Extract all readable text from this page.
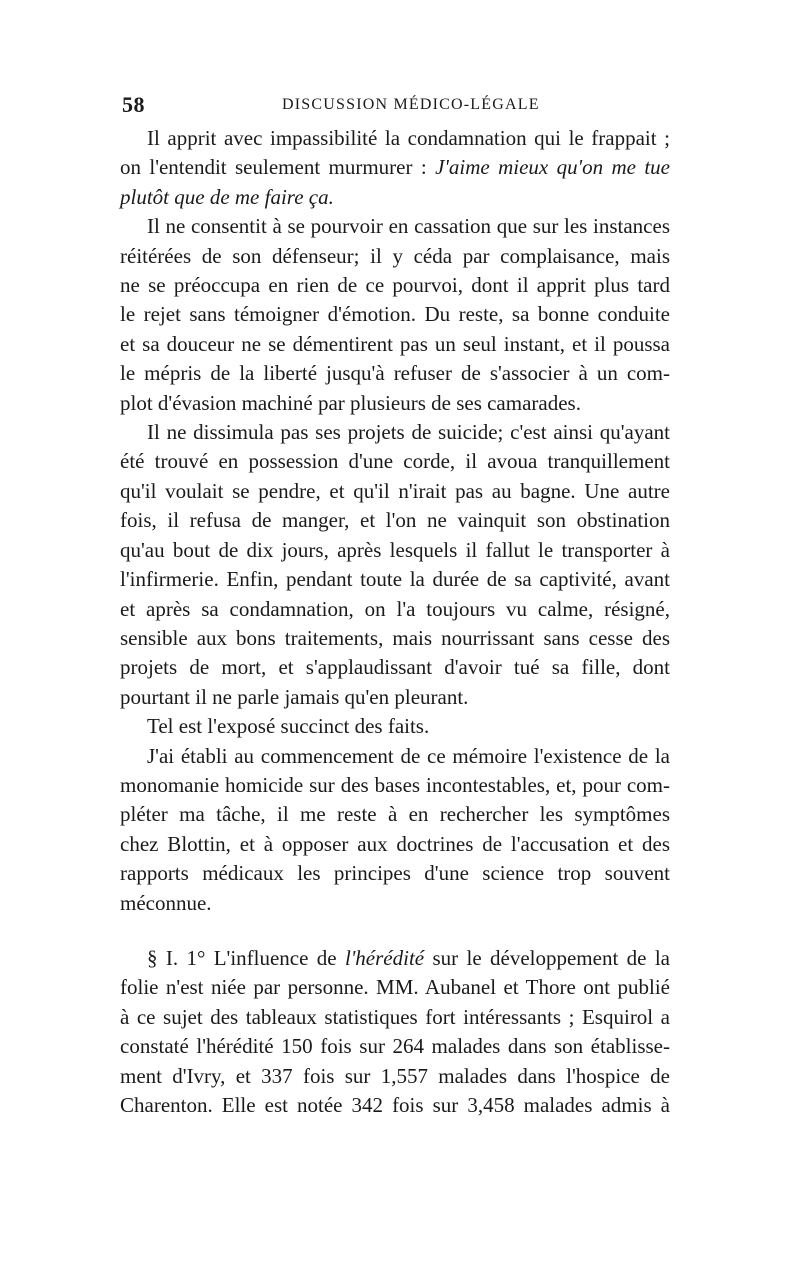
58	DISCUSSION MÉDICO-LÉGALE
Il apprit avec impassibilité la condamnation qui le frappait ;
on l'entendit seulement murmurer : J'aime mieux qu'on me tue
plutôt que de me faire ça.
Il ne consentit à se pourvoir en cassation que sur les instances
réitérées de son défenseur; il y céda par complaisance, mais
ne se préoccupa en rien de ce pourvoi, dont il apprit plus tard
le rejet sans témoigner d'émotion. Du reste, sa bonne conduite
et sa douceur ne se démentirent pas un seul instant, et il poussa
le mépris de la liberté jusqu'à refuser de s'associer à un com-
plot d'évasion machiné par plusieurs de ses camarades.
Il ne dissimula pas ses projets de suicide; c'est ainsi qu'ayant
été trouvé en possession d'une corde, il avoua tranquillement
qu'il voulait se pendre, et qu'il n'irait pas au bagne. Une autre
fois, il refusa de manger, et l'on ne vainquit son obstination
qu'au bout de dix jours, après lesquels il fallut le transporter à
l'infirmerie. Enfin, pendant toute la durée de sa captivité, avant
et après sa condamnation, on l'a toujours vu calme, résigné,
sensible aux bons traitements, mais nourrissant sans cesse des
projets de mort, et s'applaudissant d'avoir tué sa fille, dont
pourtant il ne parle jamais qu'en pleurant.
Tel est l'exposé succinct des faits.
J'ai établi au commencement de ce mémoire l'existence de la
monomanie homicide sur des bases incontestables, et, pour com-
pléter ma tâche, il me reste à en rechercher les symptômes
chez Blottin, et à opposer aux doctrines de l'accusation et des
rapports médicaux les principes d'une science trop souvent
méconnue.
§ I. 1° L'influence de l'hérédité sur le développement de la
folie n'est niée par personne. MM. Aubanel et Thore ont publié
à ce sujet des tableaux statistiques fort intéressants ; Esquirol a
constaté l'hérédité 150 fois sur 264 malades dans son établisse-
ment d'Ivry, et 337 fois sur 1,557 malades dans l'hospice de
Charenton. Elle est notée 342 fois sur 3,458 malades admis à
